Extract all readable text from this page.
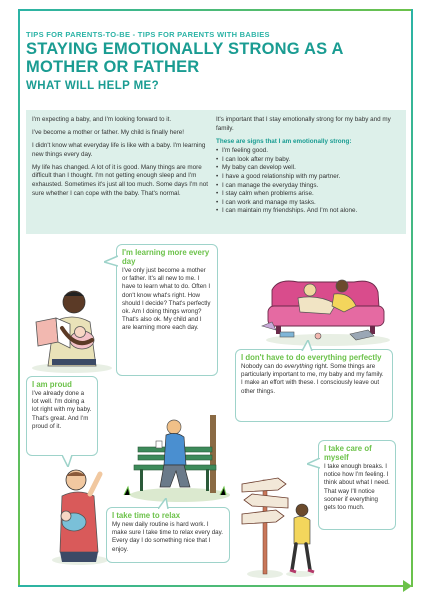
TIPS FOR PARENTS-TO-BE - TIPS FOR PARENTS WITH BABIES
STAYING EMOTIONALLY STRONG AS A MOTHER OR FATHER
WHAT WILL HELP ME?

I'm expecting a baby, and I'm looking forward to it.

I've become a mother or father. My child is finally here!

I didn't know what everyday life is like with a baby. I'm learning new things every day.

My life has changed. A lot of it is good. Many things are more difficult than I thought. I'm not getting enough sleep and I'm exhausted. Sometimes it's just all too much. Some days I'm not sure whether I can cope with the baby. That's normal.

It's important that I stay emotionally strong for my baby and my family.

These are signs that I am emotionally strong:
• I'm feeling good.
• I can look after my baby.
• My baby can develop well.
• I have a good relationship with my partner.
• I can manage the everyday things.
• I stay calm when problems arise.
• I can work and manage my tasks.
• I can maintain my friendships. And I'm not alone.
I'm learning more every day
I've only just become a mother or father. It's all new to me. I have to learn what to do. Often I don't know what's right. How should I decide? That's perfectly ok. Am I doing things wrong? That's also ok. My child and I are learning more each day.
I don't have to do everything perfectly
Nobody can do everything right. Some things are particularly important to me, my baby and my family. I make an effort with these. I consciously leave out other things.
I am proud
I've already done a lot well. I'm doing a lot right with my baby. That's great. And I'm proud of it.
I take time to relax
My new daily routine is hard work. I make sure I take time to relax every day. Every day I do something nice that I enjoy.
I take care of myself
I take enough breaks. I notice how I'm feeling. I think about what I need. That way I'll notice sooner if everything gets too much.
